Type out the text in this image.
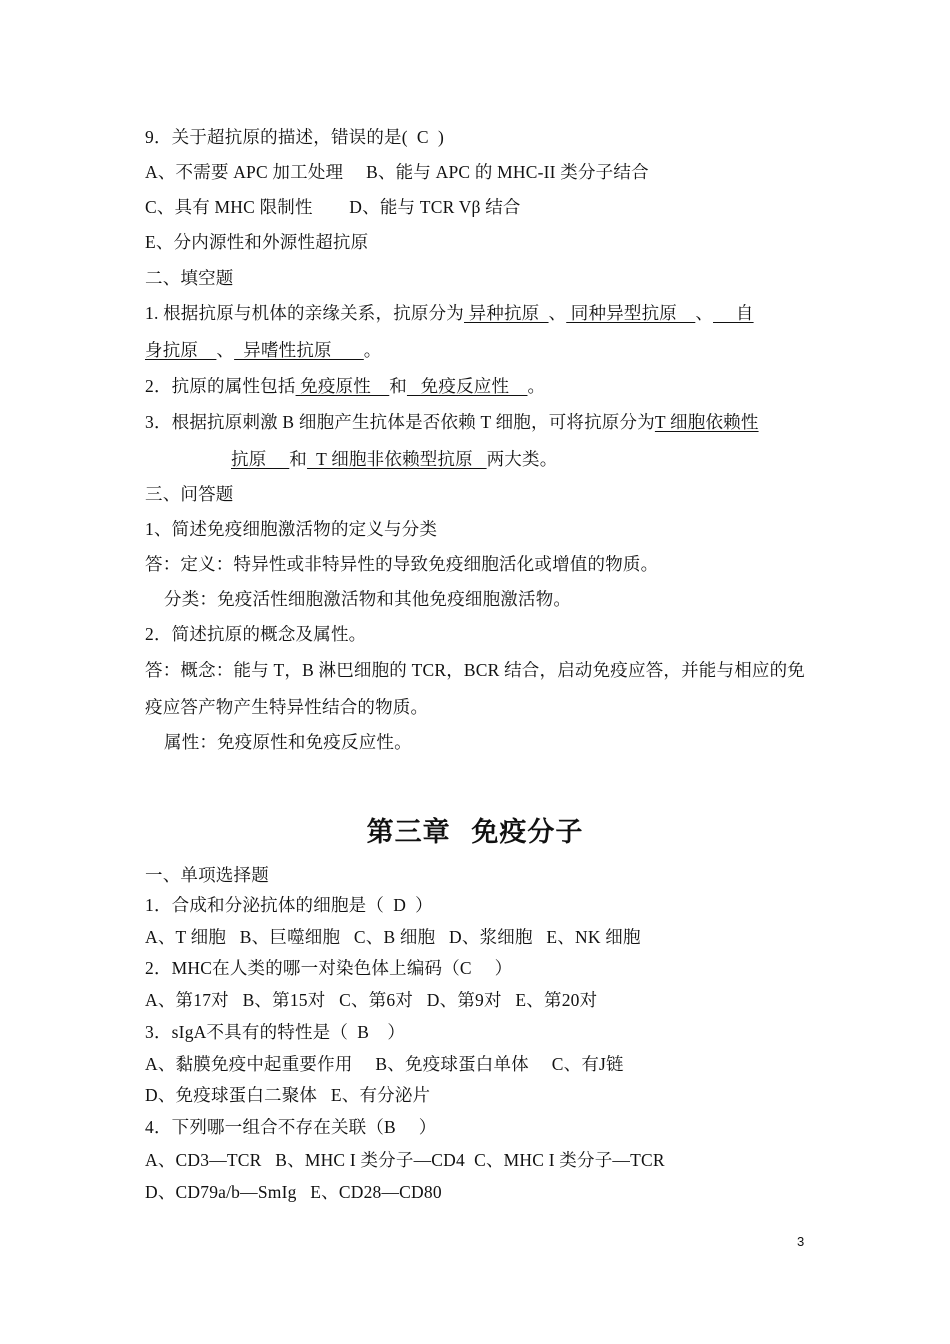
9．关于超抗原的描述，错误的是(  C  )
A、不需要 APC 加工处理     B、能与 APC 的 MHC-II 类分子结合
C、具有 MHC 限制性        D、能与 TCR Vβ 结合
E、分内源性和外源性超抗原
二、填空题
1. 根据抗原与机体的亲缘关系，抗原分为 异种抗原  、 同种异型抗原    、     自
身抗原    、  异嗜性抗原       。
2．抗原的属性包括 免疫原性    和   免疫反应性    。
3．根据抗原刺激 B 细胞产生抗体是否依赖 T 细胞，可将抗原分为T 细胞依赖性
抗原     和  T 细胞非依赖型抗原   两大类。
三、问答题
1、简述免疫细胞激活物的定义与分类
答：定义：特异性或非特异性的导致免疫细胞活化或增值的物质。
分类：免疫活性细胞激活物和其他免疫细胞激活物。
2．简述抗原的概念及属性。
答：概念：能与 T，B 淋巴细胞的 TCR，BCR 结合，启动免疫应答，并能与相应的免
疫应答产物产生特异性结合的物质。
属性：免疫原性和免疫反应性。
第三章  免疫分子
一、单项选择题
1．合成和分泌抗体的细胞是（  D  ）
A、T 细胞   B、巨噬细胞   C、B 细胞   D、浆细胞   E、NK 细胞
2．MHC在人类的哪一对染色体上编码（C     ）
A、第17对   B、第15对   C、第6对   D、第9对   E、第20对
3．sIgA不具有的特性是（  B    ）
A、黏膜免疫中起重要作用     B、免疫球蛋白单体     C、有J链
D、免疫球蛋白二聚体   E、有分泌片
4．下列哪一组合不存在关联（B     ）
A、CD3—TCR   B、MHC I 类分子—CD4  C、MHC I 类分子—TCR
D、CD79a/b—SmIg   E、CD28—CD80
3
